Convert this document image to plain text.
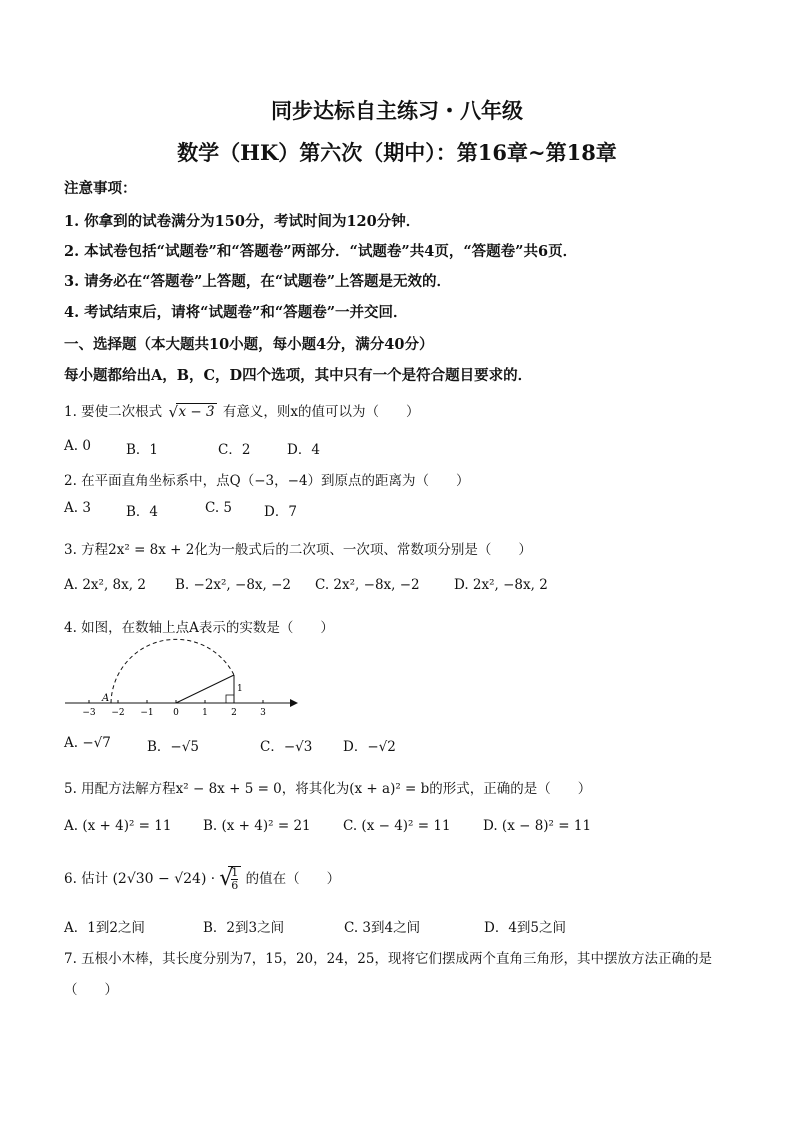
同步达标自主练习・八年级
数学（HK）第六次（期中）：第16章~第18章
注意事项：
1. 你拿到的试卷满分为150分，考试时间为120分钟．
2. 本试卷包括“试题卷”和“答题卷”两部分．“试题卷”共4页，“答题卷”共6页．
3. 请务必在“答题卷”上答题，在“试题卷”上答题是无效的．
4. 考试结束后，请将“试题卷”和“答题卷”一并交回．
一、选择题（本大题共10小题，每小题4分，满分40分）
每小题都给出A，B，C，D四个选项，其中只有一个是符合题目要求的．
1. 要使二次根式 √ x − 3 有意义，则x的值可以为（　　）
A. 0	B．1	C．2	D．4
2. 在平面直角坐标系中，点Q（−3，−4）到原点的距离为（　　）
A. 3	B．4	C. 5 D．7
3. 方程2x² = 8x + 2化为一般式后的二次项、一次项、常数项分别是（　　）
A. 2x², 8x, 2 B. −2x², −8x, −2 C. 2x², −8x, −2	D. 2x², −8x, 2
4. 如图，在数轴上点A表示的实数是（　　）
A
1
−3 −2 −1 0	1	2	3
A. −√7	B．−√5	C．−√3 D．−√2
5. 用配方法解方程x² − 8x + 5 = 0，将其化为(x + a)² = b的形式，正确的是（　　）
A. (x + 4)² = 11 B. (x + 4)² = 21 C. (x − 4)² = 11 D. (x − 8)² = 11
6. 估计 (2√30 − √24) · √
$\frac{1}{6}$ 的值在（　　）
A．1到2之间	B．2到3之间	C. 3到4之间	D．4到5之间
7. 五根小木棒，其长度分别为7，15，20，24，25，现将它们摆成两个直角三角形，其中摆放方法正确的是
（　　）
